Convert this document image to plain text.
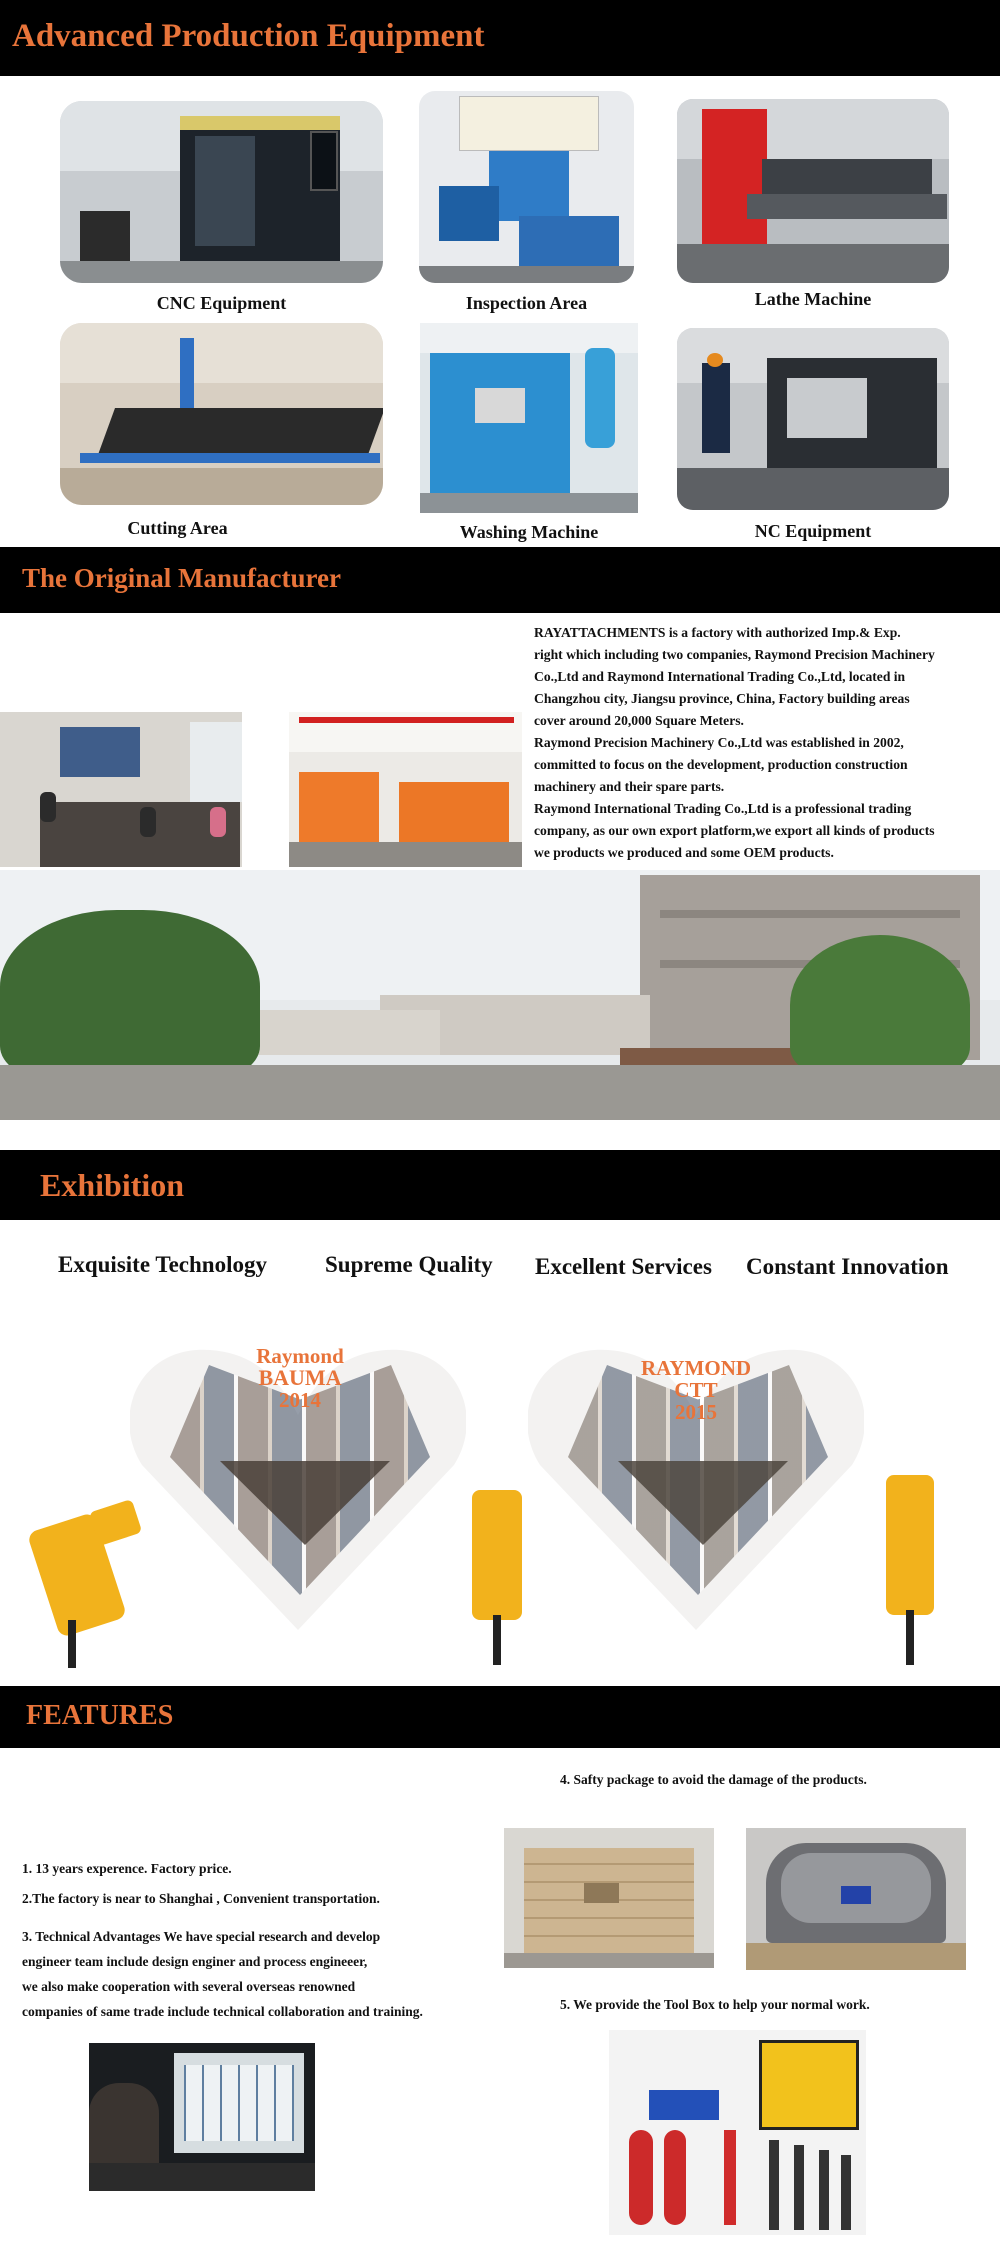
Advanced Production Equipment
CNC Equipment	Inspection Area	Lathe Machine
Cutting Area	Washing Machine	NC Equipment
The Original Manufacturer
RAYATTACHMENTS is a factory with authorized Imp.& Exp.
right which including two companies, Raymond Precision Machinery
Co.,Ltd and Raymond International Trading Co.,Ltd, located in
Changzhou city, Jiangsu province, China, Factory building areas
cover around 20,000 Square Meters.
Raymond Precision Machinery Co.,Ltd was established in 2002,
committed to focus on the development, production construction
machinery and their spare parts.
Raymond International Trading Co.,Ltd is a professional trading
company, as our own export platform,we export all kinds of products
we products we produced and some OEM products.
Exhibition
Exquisite Technology	Supreme Quality Excellent Services Constant Innovation
Raymond
BAUMA
2014
RAYMOND
CTT
2015
FEATURES
4. Safty package to avoid the damage of the products.
1. 13 years experence. Factory price.
2.The factory is near to Shanghai , Convenient transportation.
3. Technical Advantages We have special research and develop
engineer team include design enginer and process engineeer,
we also make cooperation with several overseas renowned
companies of same trade include technical collaboration and training.	5. We provide the Tool Box to help your normal work.
